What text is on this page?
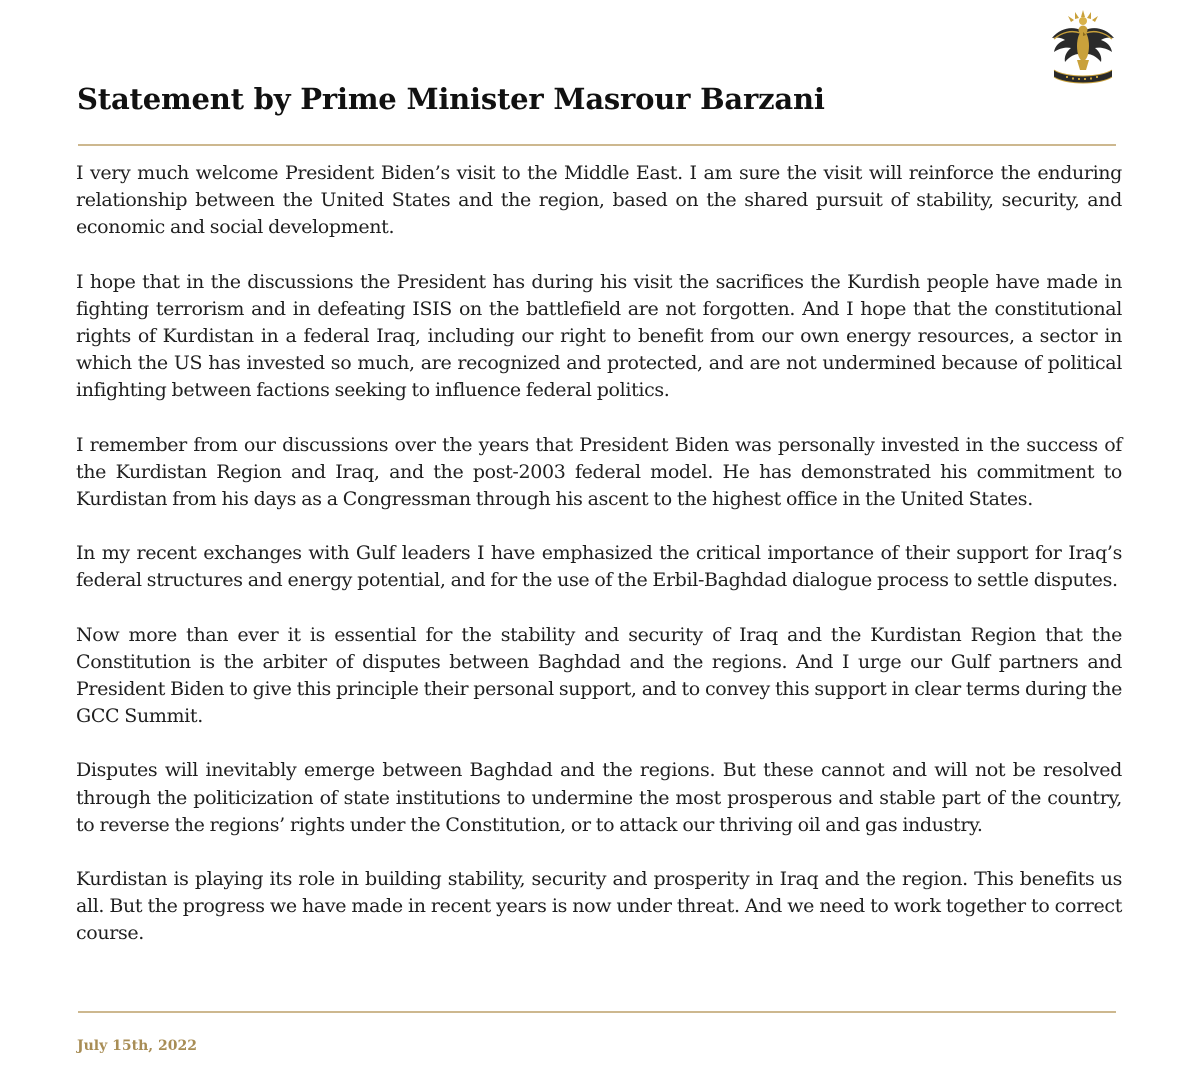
Statement by Prime Minister Masrour Barzani

I very much welcome President Biden’s visit to the Middle East. I am sure the visit will reinforce the enduring relationship between the United States and the region, based on the shared pursuit of stability, security, and economic and social development.

I hope that in the discussions the President has during his visit the sacrifices the Kurdish people have made in fighting terrorism and in defeating ISIS on the battlefield are not forgotten. And I hope that the constitutional rights of Kurdistan in a federal Iraq, including our right to benefit from our own energy resources, a sector in which the US has invested so much, are recognized and protected, and are not undermined because of political infighting between factions seeking to influence federal politics.

I remember from our discussions over the years that President Biden was personally invested in the success of the Kurdistan Region and Iraq, and the post-2003 federal model. He has demonstrated his commitment to Kurdistan from his days as a Congressman through his ascent to the highest office in the United States.

In my recent exchanges with Gulf leaders I have emphasized the critical importance of their support for Iraq’s federal structures and energy potential, and for the use of the Erbil-Baghdad dialogue process to settle disputes.

Now more than ever it is essential for the stability and security of Iraq and the Kurdistan Region that the Constitution is the arbiter of disputes between Baghdad and the regions. And I urge our Gulf partners and President Biden to give this principle their personal support, and to convey this support in clear terms during the GCC Summit.

Disputes will inevitably emerge between Baghdad and the regions. But these cannot and will not be resolved through the politicization of state institutions to undermine the most prosperous and stable part of the country, to reverse the regions’ rights under the Constitution, or to attack our thriving oil and gas industry.

Kurdistan is playing its role in building stability, security and prosperity in Iraq and the region. This benefits us all. But the progress we have made in recent years is now under threat. And we need to work together to correct course.

July 15th, 2022
